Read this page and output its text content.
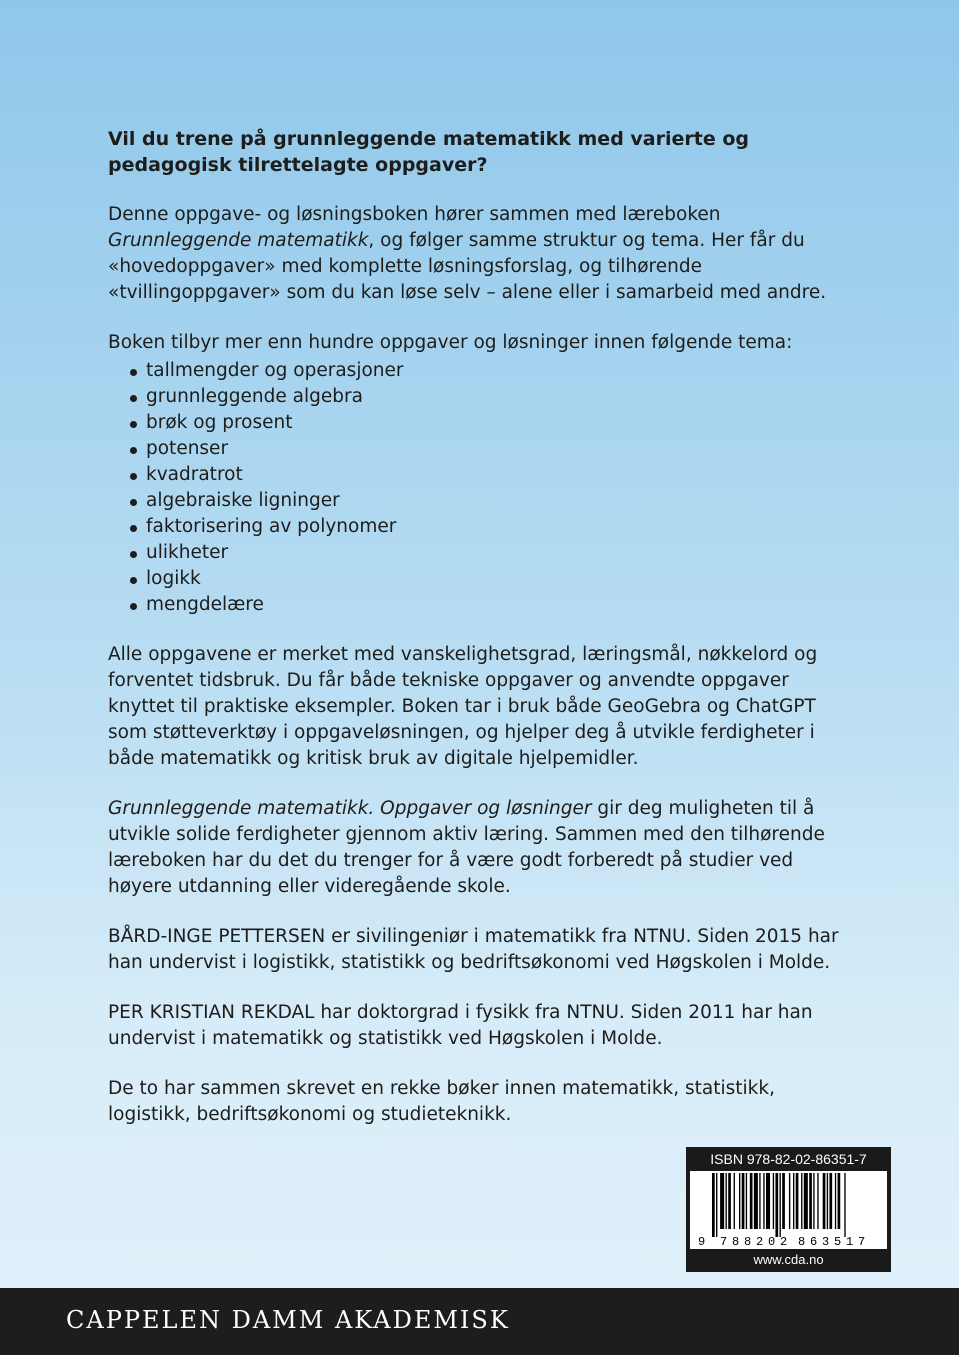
Vil du trene på grunnleggende matematikk med varierte og pedagogisk tilrettelagte oppgaver?

Denne oppgave- og løsningsboken hører sammen med læreboken Grunnleggende matematikk, og følger samme struktur og tema. Her får du «hovedoppgaver» med komplette løsningsforslag, og tilhørende «tvillingoppgaver» som du kan løse selv – alene eller i samarbeid med andre.

Boken tilbyr mer enn hundre oppgaver og løsninger innen følgende tema:

tallmengder og operasjoner
grunnleggende algebra
brøk og prosent
potenser
kvadratrot
algebraiske ligninger
faktorisering av polynomer
ulikheter
logikk
mengdelære

Alle oppgavene er merket med vanskelighetsgrad, læringsmål, nøkkelord og forventet tidsbruk. Du får både tekniske oppgaver og anvendte oppgaver knyttet til praktiske eksempler. Boken tar i bruk både GeoGebra og ChatGPT som støtteverktøy i oppgaveløsningen, og hjelper deg å utvikle ferdigheter i både matematikk og kritisk bruk av digitale hjelpemidler.

Grunnleggende matematikk. Oppgaver og løsninger gir deg muligheten til å utvikle solide ferdigheter gjennom aktiv læring. Sammen med den tilhørende læreboken har du det du trenger for å være godt forberedt på studier ved høyere utdanning eller videregående skole.

BÅRD-INGE PETTERSEN er sivilingeniør i matematikk fra NTNU. Siden 2015 har han undervist i logistikk, statistikk og bedriftsøkonomi ved Høgskolen i Molde.

PER KRISTIAN REKDAL har doktorgrad i fysikk fra NTNU. Siden 2011 har han undervist i matematikk og statistikk ved Høgskolen i Molde.

De to har sammen skrevet en rekke bøker innen matematikk, statistikk, logistikk, bedriftsøkonomi og studieteknikk.

ISBN 978-82-02-86351-7
9 7 8 8 2 0 2 8 6 3 5 1 7
www.cda.no
CAPPELEN DAMM AKADEMISK
